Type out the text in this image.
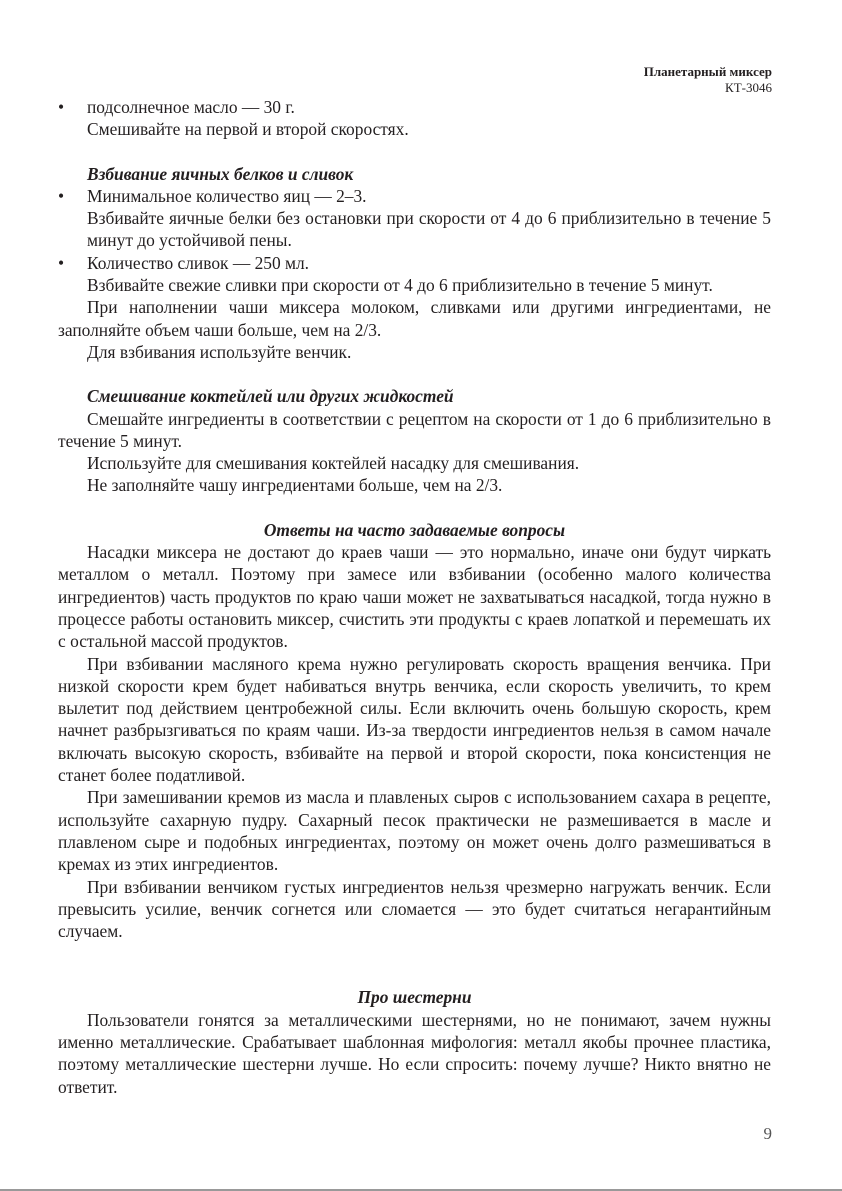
Планетарный миксер
КТ-3046
• подсолнечное масло — 30 г.

Смешивайте на первой и второй скоростях.

Взбивание яичных белков и сливок

• Минимальное количество яиц — 2–3.

Взбивайте яичные белки без остановки при скорости от 4 до 6 приблизительно в течение 5 минут до устойчивой пены.

• Количество сливок — 250 мл.

Взбивайте свежие сливки при скорости от 4 до 6 приблизительно в течение 5 минут.

При наполнении чаши миксера молоком, сливками или другими ингредиентами, не заполняйте объем чаши больше, чем на 2/3.

Для взбивания используйте венчик.

Смешивание коктейлей или других жидкостей

Смешайте ингредиенты в соответствии с рецептом на скорости от 1 до 6 приблизительно в течение 5 минут.

Используйте для смешивания коктейлей насадку для смешивания.

Не заполняйте чашу ингредиентами больше, чем на 2/3.

Ответы на часто задаваемые вопросы

Насадки миксера не достают до краев чаши — это нормально, иначе они будут чиркать металлом о металл. Поэтому при замесе или взбивании (особенно малого количества ингредиентов) часть продуктов по краю чаши может не захватываться насадкой, тогда нужно в процессе работы остановить миксер, счистить эти продукты с краев лопаткой и перемешать их с остальной массой продуктов.

При взбивании масляного крема нужно регулировать скорость вращения венчика. При низкой скорости крем будет набиваться внутрь венчика, если скорость увеличить, то крем вылетит под действием центробежной силы. Если включить очень большую скорость, крем начнет разбрызгиваться по краям чаши. Из-за твердости ингредиентов нельзя в самом начале включать высокую скорость, взбивайте на первой и второй скорости, пока консистенция не станет более податливой.

При замешивании кремов из масла и плавленых сыров с использованием сахара в рецепте, используйте сахарную пудру. Сахарный песок практически не размешивается в масле и плавленом сыре и подобных ингредиентах, поэтому он может очень долго размешиваться в кремах из этих ингредиентов.

При взбивании венчиком густых ингредиентов нельзя чрезмерно нагружать венчик. Если превысить усилие, венчик согнется или сломается — это будет считаться негарантийным случаем.

Про шестерни

Пользователи гонятся за металлическими шестернями, но не понимают, зачем нужны именно металлические. Срабатывает шаблонная мифология: металл якобы прочнее пластика, поэтому металлические шестерни лучше. Но если спросить: почему лучше? Никто внятно не ответит.

9
